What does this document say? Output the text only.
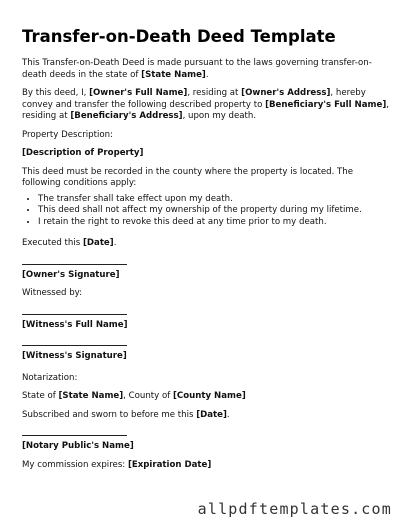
Transfer-on-Death Deed Template

This Transfer-on-Death Deed is made pursuant to the laws governing transfer-on-death deeds in the state of [State Name].

By this deed, I, [Owner's Full Name], residing at [Owner's Address], hereby convey and transfer the following described property to [Beneficiary's Full Name], residing at [Beneficiary's Address], upon my death.

Property Description:

[Description of Property]

This deed must be recorded in the county where the property is located. The following conditions apply:

• The transfer shall take effect upon my death.
• This deed shall not affect my ownership of the property during my lifetime.
• I retain the right to revoke this deed at any time prior to my death.

Executed this [Date].

[Owner's Signature]

Witnessed by:

[Witness's Full Name]

[Witness's Signature]

Notarization:

State of [State Name], County of [County Name]

Subscribed and sworn to before me this [Date].

[Notary Public's Name]

My commission expires: [Expiration Date]

allpdftemplates.com
